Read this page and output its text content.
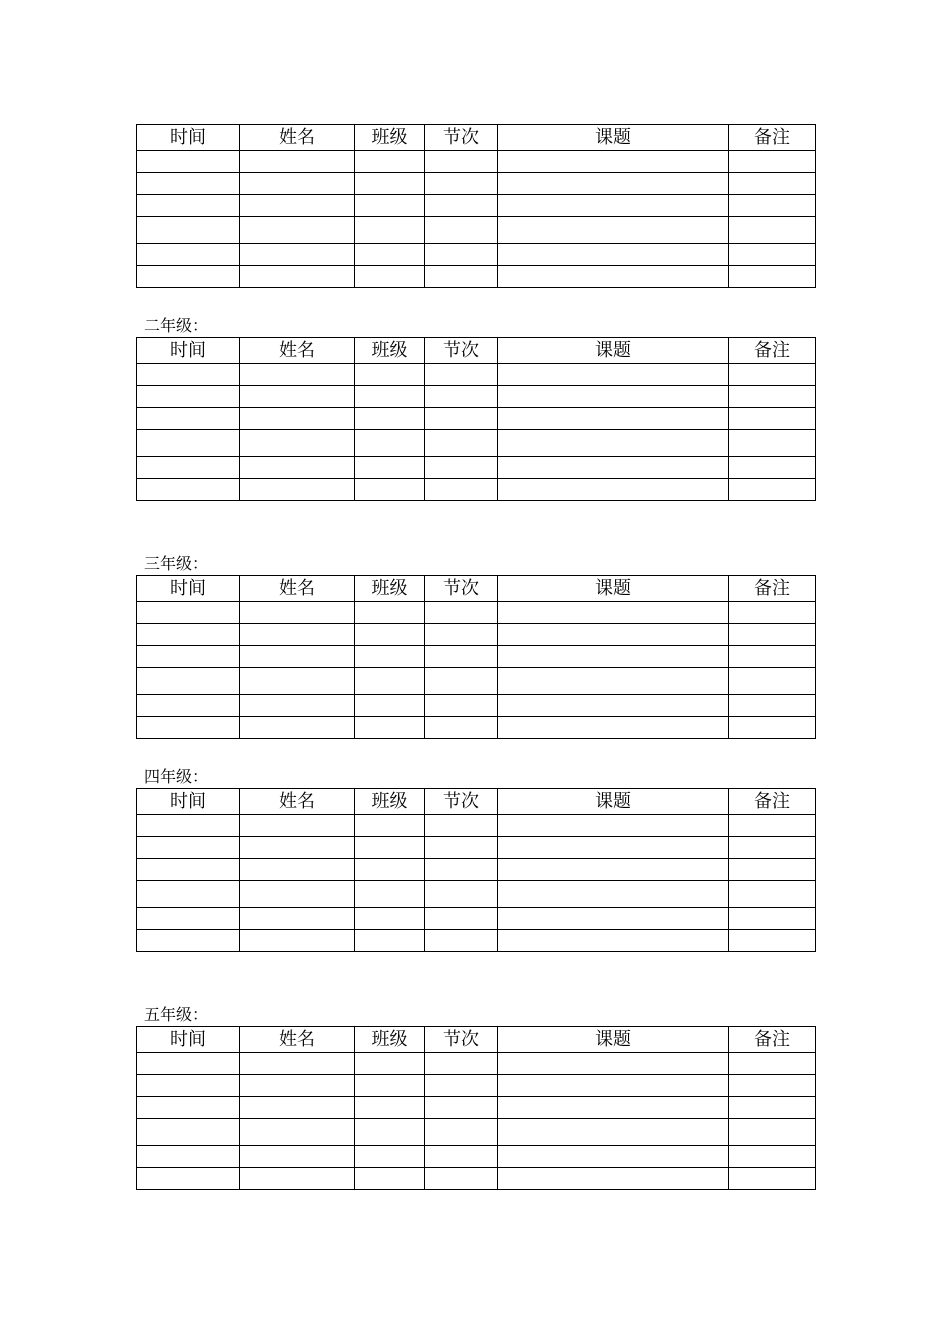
时间	姓名	班级	节次	课题	备注

二年级：
时间	姓名	班级	节次	课题	备注

三年级：
时间	姓名	班级	节次	课题	备注

四年级：
时间	姓名	班级	节次	课题	备注

五年级：
时间	姓名	班级	节次	课题	备注
